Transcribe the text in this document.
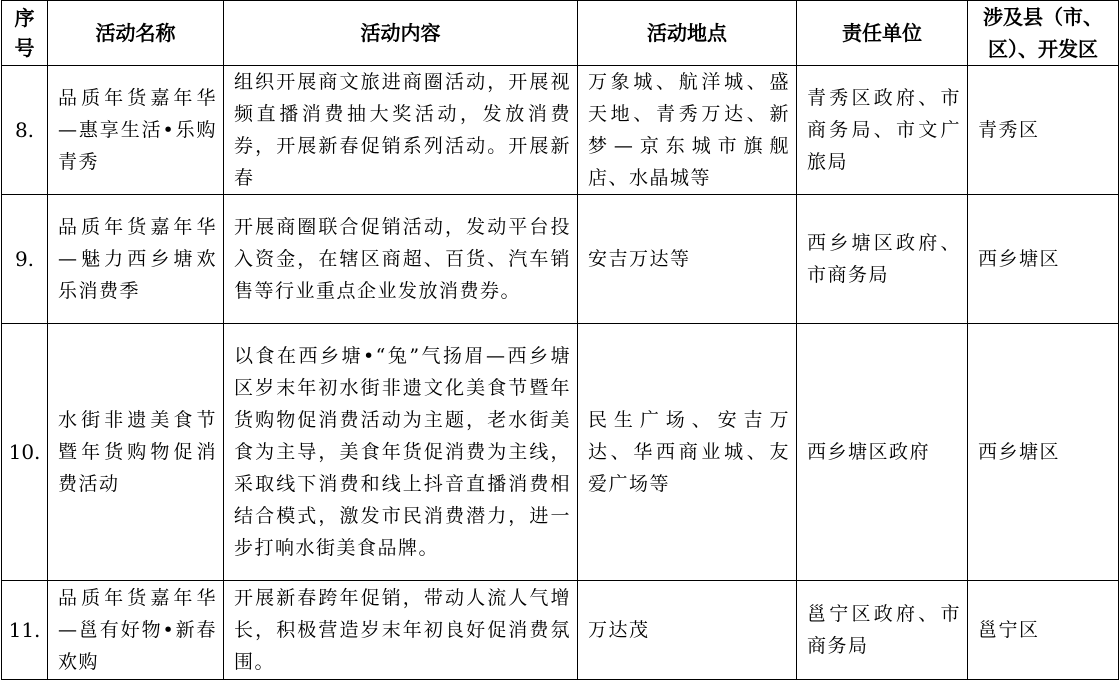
序号	活动名称	活动内容	活动地点	责任单位	涉及县（市、区）、开发区

8.	品质年货嘉年华—惠享生活•乐购青秀	组织开展商文旅进商圈活动，开展视频直播消费抽大奖活动，发放消费券，开展新春促销系列活动。开展新春	万象城、航洋城、盛天地、青秀万达、新梦—京东城市旗舰店、水晶城等	青秀区政府、市商务局、市文广旅局	青秀区

9.	品质年货嘉年华—魅力西乡塘欢乐消费季	开展商圈联合促销活动，发动平台投入资金，在辖区商超、百货、汽车销售等行业重点企业发放消费券。	安吉万达等	西乡塘区政府、市商务局	西乡塘区

10.	水街非遗美食节暨年货购物促消费活动	以食在西乡塘•“兔”气扬眉—西乡塘区岁末年初水街非遗文化美食节暨年货购物促消费活动为主题，老水街美食为主导，美食年货促消费为主线，采取线下消费和线上抖音直播消费相结合模式，激发市民消费潜力，进一步打响水街美食品牌。	民生广场、安吉万达、华西商业城、友爱广场等	西乡塘区政府	西乡塘区

11.	品质年货嘉年华—邕有好物•新春欢购	开展新春跨年促销，带动人流人气增长，积极营造岁末年初良好促消费氛围。	万达茂	邕宁区政府、市商务局	邕宁区
